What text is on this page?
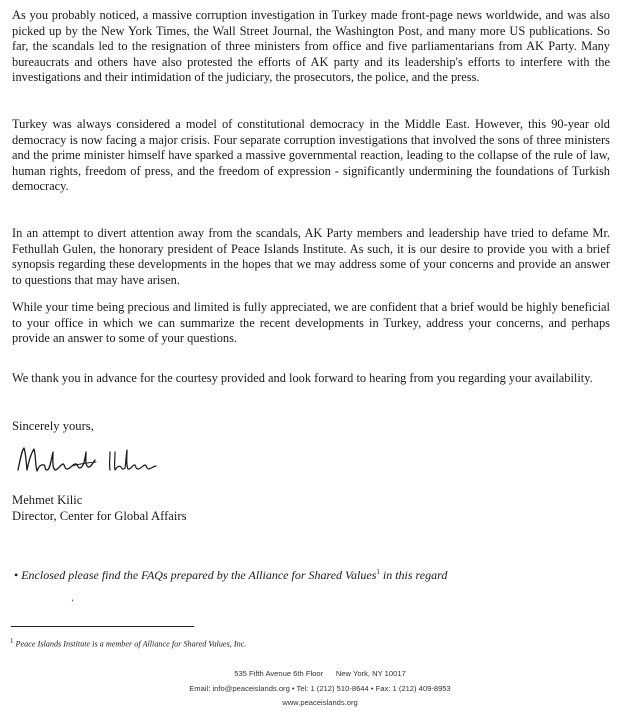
As you probably noticed, a massive corruption investigation in Turkey made front-page news worldwide, and was also picked up by the New York Times, the Wall Street Journal, the Washington Post, and many more US publications. So far, the scandals led to the resignation of three ministers from office and five parliamentarians from AK Party. Many bureaucrats and others have also protested the efforts of AK party and its leadership's efforts to interfere with the investigations and their intimidation of the judiciary, the prosecutors, the police, and the press.

Turkey was always considered a model of constitutional democracy in the Middle East. However, this 90-year old democracy is now facing a major crisis. Four separate corruption investigations that involved the sons of three ministers and the prime minister himself have sparked a massive governmental reaction, leading to the collapse of the rule of law, human rights, freedom of press, and the freedom of expression - significantly undermining the foundations of Turkish democracy.

In an attempt to divert attention away from the scandals, AK Party members and leadership have tried to defame Mr. Fethullah Gulen, the honorary president of Peace Islands Institute. As such, it is our desire to provide you with a brief synopsis regarding these developments in the hopes that we may address some of your concerns and provide an answer to questions that may have arisen.

While your time being precious and limited is fully appreciated, we are confident that a brief would be highly beneficial to your office in which we can summarize the recent developments in Turkey, address your concerns, and perhaps provide an answer to some of your questions.

We thank you in advance for the courtesy provided and look forward to hearing from you regarding your availability.

Sincerely yours,

Mehmet Kilic

Director, Center for Global Affairs

• Enclosed please find the FAQs prepared by the Alliance for Shared Values$^1$ in this regard

’

$^1$ Peace Islands Institute is a member of Alliance for Shared Values, Inc.

535 Fifth Avenue 6th Floor New York, NY 10017

Email: info@peaceislands.org • Tel: 1 (212) 510-8644 • Fax: 1 (212) 409-8953

www.peaceislands.org
